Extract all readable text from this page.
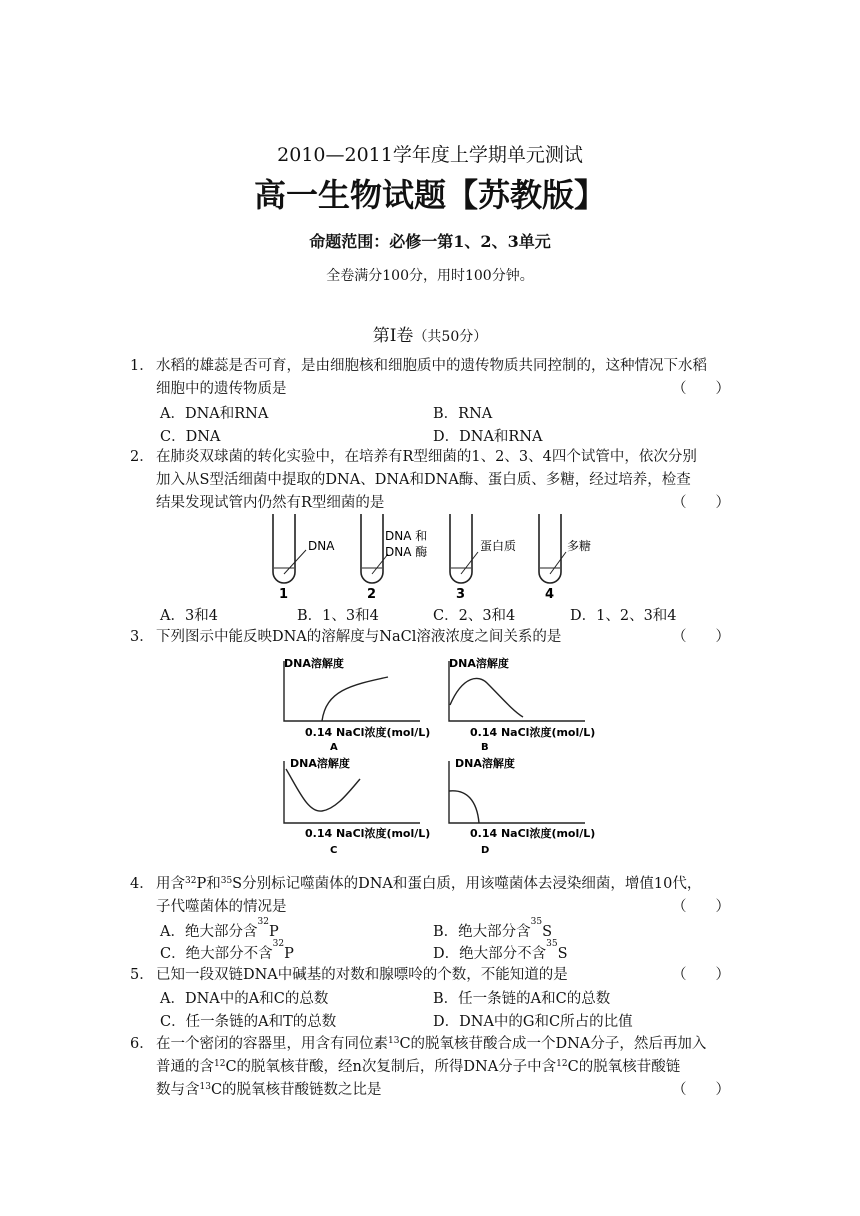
2010—2011学年度上学期单元测试
高一生物试题【苏教版】
命题范围：必修一第1、2、3单元
全卷满分100分，用时100分钟。
第Ⅰ卷（共50分）
1． 水稻的雄蕊是否可育，是由细胞核和细胞质中的遗传物质共同控制的，这种情况下水稻
细胞中的遗传物质是	（　　）
A．DNA和RNA	B．RNA
C．DNA	D．DNA和RNA
2． 在肺炎双球菌的转化实验中，在培养有R型细菌的1、2、3、4四个试管中，依次分别
加入从S型活细菌中提取的DNA、DNA和DNA酶、蛋白质、多糖，经过培养，检查
结果发现试管内仍然有R型细菌的是	（　　）
DNA
DNA 和
DNA 酶	蛋白质	多糖
1	2	3	4
A．3和4	B．1、3和4	C．2、3和4	D．1、2、3和4
3． 下列图示中能反映DNA的溶解度与NaCl溶液浓度之间关系的是	（　　）
DNA溶解度
0.14 NaCl浓度(mol/L)
A
DNA溶解度
0.14 NaCl浓度(mol/L)
B
DNA溶解度
0.14 NaCl浓度(mol/L)
C
DNA溶解度
0.14 NaCl浓度(mol/L)
D
4． 用含$^{32}$P和$^{35}$S分别标记噬菌体的DNA和蛋白质，用该噬菌体去浸染细菌，增值10代，
子代噬菌体的情况是	（　　）
A．绝大部分含$^{32}$P	B．绝大部分含$^{35}$S
C．绝大部分不含$^{32}$P	D．绝大部分不含$^{35}$S
5． 已知一段双链DNA中碱基的对数和腺嘌呤的个数，不能知道的是	（　　）
A．DNA中的A和C的总数	B．任一条链的A和C的总数
C．任一条链的A和T的总数	D．DNA中的G和C所占的比值
6． 在一个密闭的容器里，用含有同位素$^{13}$C的脱氧核苷酸合成一个DNA分子，然后再加入
普通的含$^{12}$C的脱氧核苷酸，经n次复制后，所得DNA分子中含$^{12}$C的脱氧核苷酸链
数与含$^{13}$C的脱氧核苷酸链数之比是	（　　）
